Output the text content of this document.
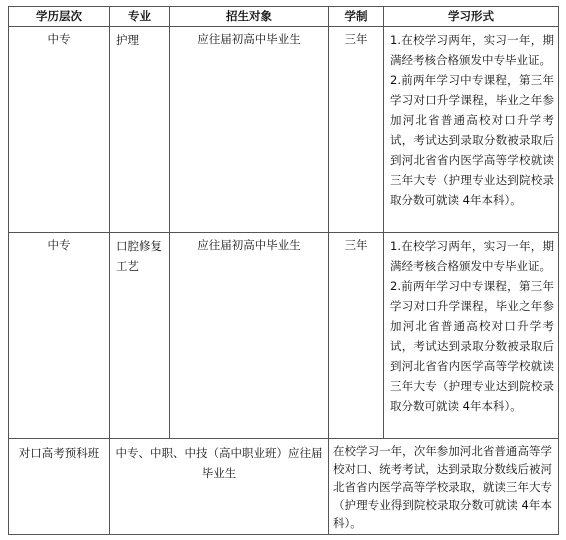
学历层次	专业	招生对象	学制	学习形式
中专	护理	应往届初高中毕业生	三年	1.在校学习两年，实习一年，期满经考核合格颁发中专毕业证。

2.前两年学习中专课程，第三年学习对口升学课程，毕业之年参加河北省普通高校对口升学考试，考试达到录取分数被录取后到河北省省内医学高等学校就读三年大专（护理专业达到院校录取分数可就读 4年本科）。

中专	口腔修复工艺	应往届初高中毕业生	三年	1.在校学习两年，实习一年，期满经考核合格颁发中专毕业证。

2.前两年学习中专课程，第三年学习对口升学课程，毕业之年参加河北省普通高校对口升学考试，考试达到录取分数被录取后到河北省省内医学高等学校就读三年大专（护理专业达到院校录取分数可就读 4年本科）。

对口高考预科班	中专、中职、中技（高中职业班）应往届毕业生		在校学习一年，次年参加河北省普通高等学校对口、统考考试，达到录取分数线后被河北省省内医学高等学校录取，就读三年大专（护理专业得到院校录取分数可就读 4年本科）。	
